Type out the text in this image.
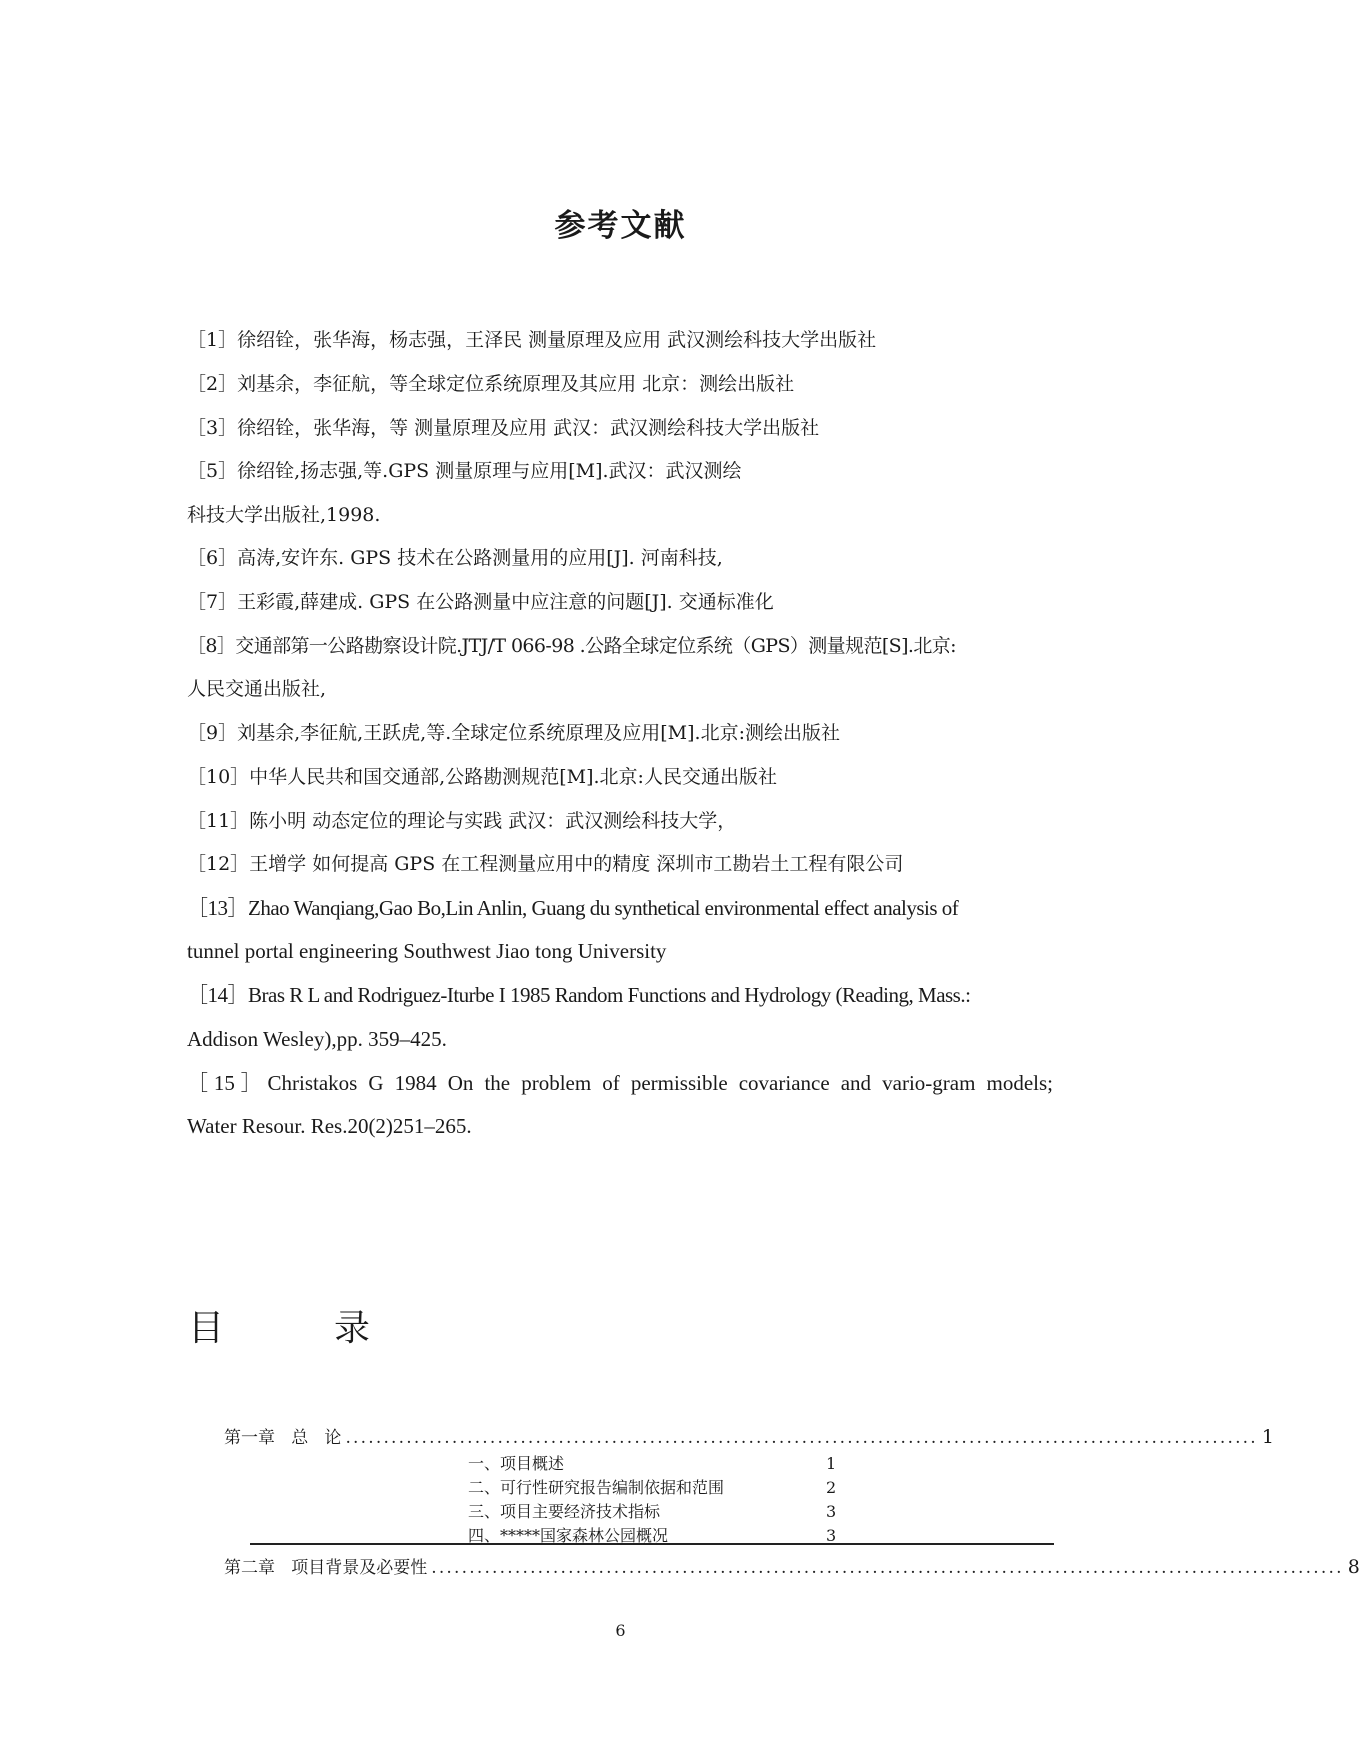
参考文献

［1］徐绍铨，张华海，杨志强，王泽民 测量原理及应用 武汉测绘科技大学出版社

［2］刘基余，李征航，等全球定位系统原理及其应用 北京：测绘出版社

［3］徐绍铨，张华海，等 测量原理及应用 武汉：武汉测绘科技大学出版社

［5］徐绍铨,扬志强,等.GPS 测量原理与应用[M].武汉：武汉测绘

科技大学出版社,1998.

［6］高涛,安许东. GPS 技术在公路测量用的应用[J]. 河南科技,

［7］王彩霞,薛建成. GPS 在公路测量中应注意的问题[J]. 交通标准化

［8］交通部第一公路勘察设计院.JTJ/T 066-98 .公路全球定位系统（GPS）测量规范[S].北京:

人民交通出版社,

［9］刘基余,李征航,王跃虎,等.全球定位系统原理及应用[M].北京:测绘出版社

［10］中华人民共和国交通部,公路勘测规范[M].北京:人民交通出版社

［11］陈小明 动态定位的理论与实践 武汉：武汉测绘科技大学，

［12］王增学 如何提高 GPS 在工程测量应用中的精度 深圳市工勘岩土工程有限公司

［13］Zhao Wanqiang,Gao Bo,Lin Anlin, Guang du synthetical environmental effect analysis of

tunnel portal engineering Southwest Jiao tong University

［14］Bras R L and Rodriguez-Iturbe I 1985 Random Functions and Hydrology (Reading, Mass.:

Addison Wesley),pp. 359–425.

［15］Christakos G 1984 On the problem of permissible covariance and vario-gram models;

Water Resour. Res.20(2)251–265.

目	录
第一章   总   论 ........................................................................................................................ 1
一、项目概述	1
二、可行性研究报告编制依据和范围	2
三、项目主要经济技术指标	3
四、*****国家森林公园概况	3
第二章   项目背景及必要性 ........................................................................................................................ 8
6
